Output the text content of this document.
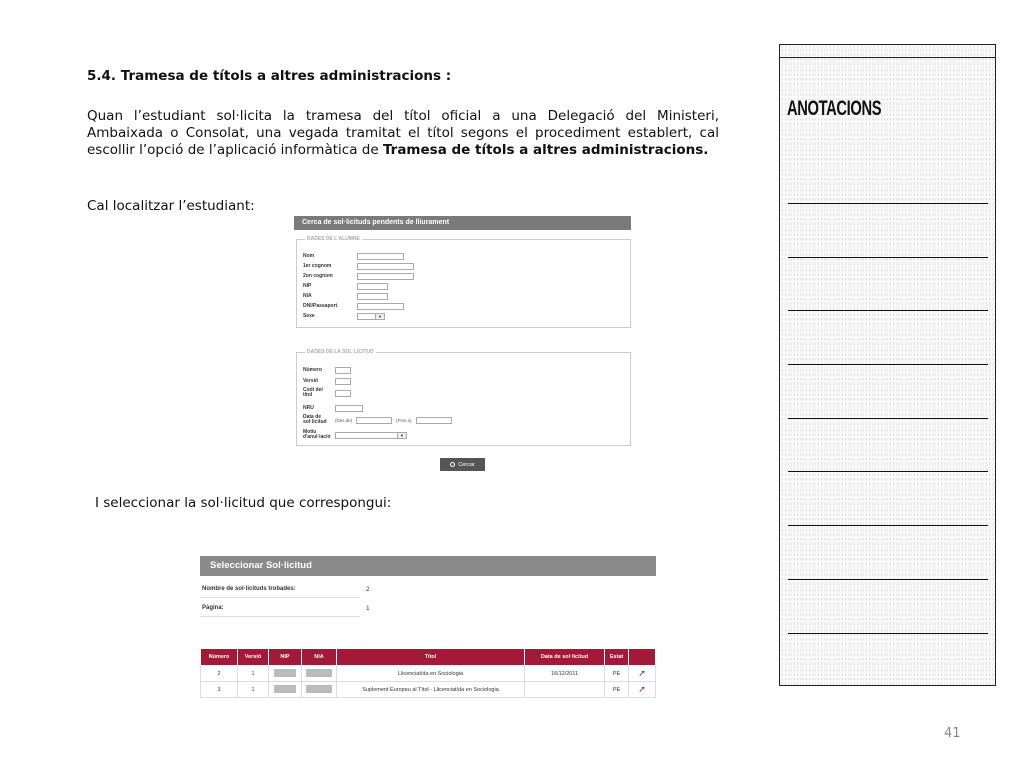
5.4. Tramesa de títols a altres administracions :
Quan l’estudiant sol·licita la tramesa del títol oficial a una Delegació del Ministeri, Ambaixada o Consolat, una vegada tramitat el títol segons el procediment establert, cal escollir l’opció de l’aplicació informàtica de Tramesa de títols a altres administracions.
Cal localitzar l’estudiant:
Cerca de sol·licituds pendents de lliurament
DADES DE L'ALUMNE
Nom
1er cognom
2on cognom
NIP
NIA
DNI/Passaport
Sexe	▼
DADES DE LA SOL·LICITUD
Número
Versió
Codi del títol
NRU
Data de sol·licitud	(Des de)	(Fins a)
Motiu d'anul·lació	▼
Cercar
I seleccionar la sol·licitud que correspongui:
Seleccionar Sol·licitud
Nombre de sol·licituds trobades:	2
Pàgina:	1
Número	Versió	NIP	NIA	Títol	Data de sol·licitud	Estat	
2	1			Llicenciat/da en Sociologia	16/12/2011	PE	➚
3	1			Suplement Europeu al Títol - Llicenciat/da en Sociologia		PE	➚
ANOTACIONS
41
